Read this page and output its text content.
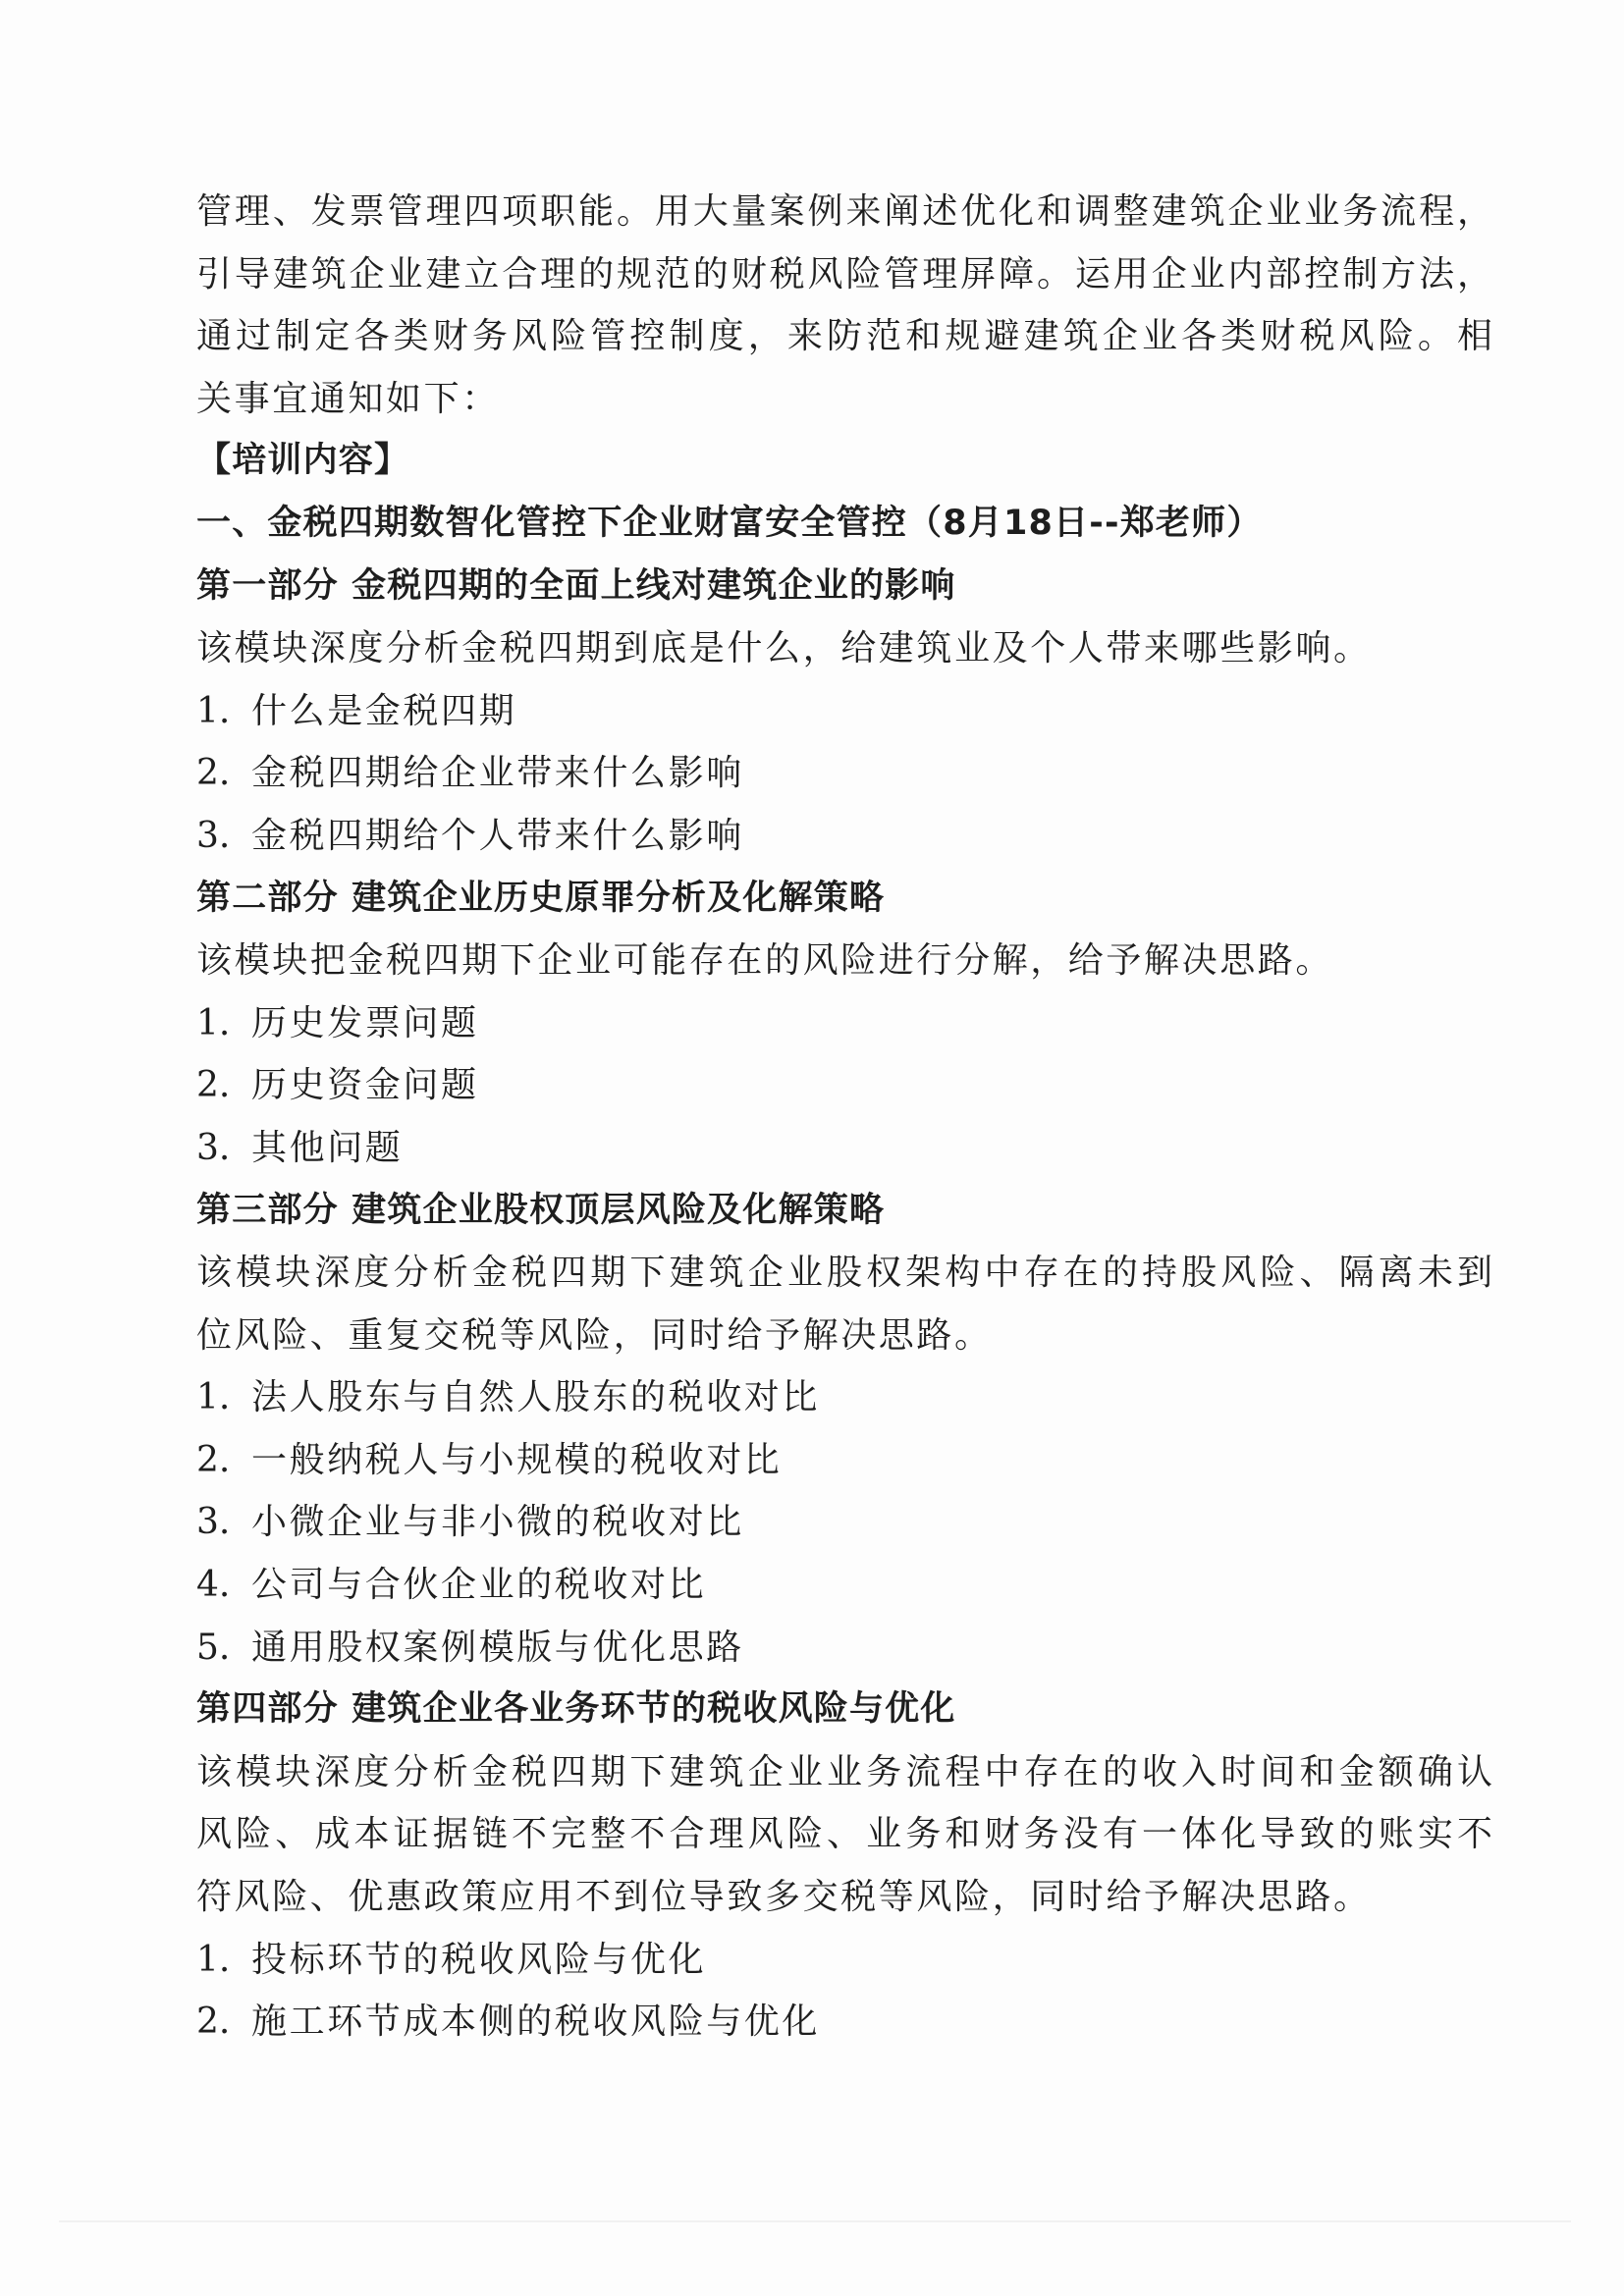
管理、发票管理四项职能。用大量案例来阐述优化和调整建筑企业业务流程，
引导建筑企业建立合理的规范的财税风险管理屏障。运用企业内部控制方法，
通过制定各类财务风险管控制度，来防范和规避建筑企业各类财税风险。相
关事宜通知如下：
【培训内容】
一、金税四期数智化管控下企业财富安全管控（8月18日--郑老师）
第一部分 金税四期的全面上线对建筑企业的影响
该模块深度分析金税四期到底是什么，给建筑业及个人带来哪些影响。
1. 什么是金税四期
2. 金税四期给企业带来什么影响
3. 金税四期给个人带来什么影响
第二部分 建筑企业历史原罪分析及化解策略
该模块把金税四期下企业可能存在的风险进行分解，给予解决思路。
1. 历史发票问题
2. 历史资金问题
3. 其他问题
第三部分 建筑企业股权顶层风险及化解策略
该模块深度分析金税四期下建筑企业股权架构中存在的持股风险、隔离未到
位风险、重复交税等风险，同时给予解决思路。
1. 法人股东与自然人股东的税收对比
2. 一般纳税人与小规模的税收对比
3. 小微企业与非小微的税收对比
4. 公司与合伙企业的税收对比
5. 通用股权案例模版与优化思路
第四部分 建筑企业各业务环节的税收风险与优化
该模块深度分析金税四期下建筑企业业务流程中存在的收入时间和金额确认
风险、成本证据链不完整不合理风险、业务和财务没有一体化导致的账实不
符风险、优惠政策应用不到位导致多交税等风险，同时给予解决思路。
1. 投标环节的税收风险与优化
2. 施工环节成本侧的税收风险与优化
